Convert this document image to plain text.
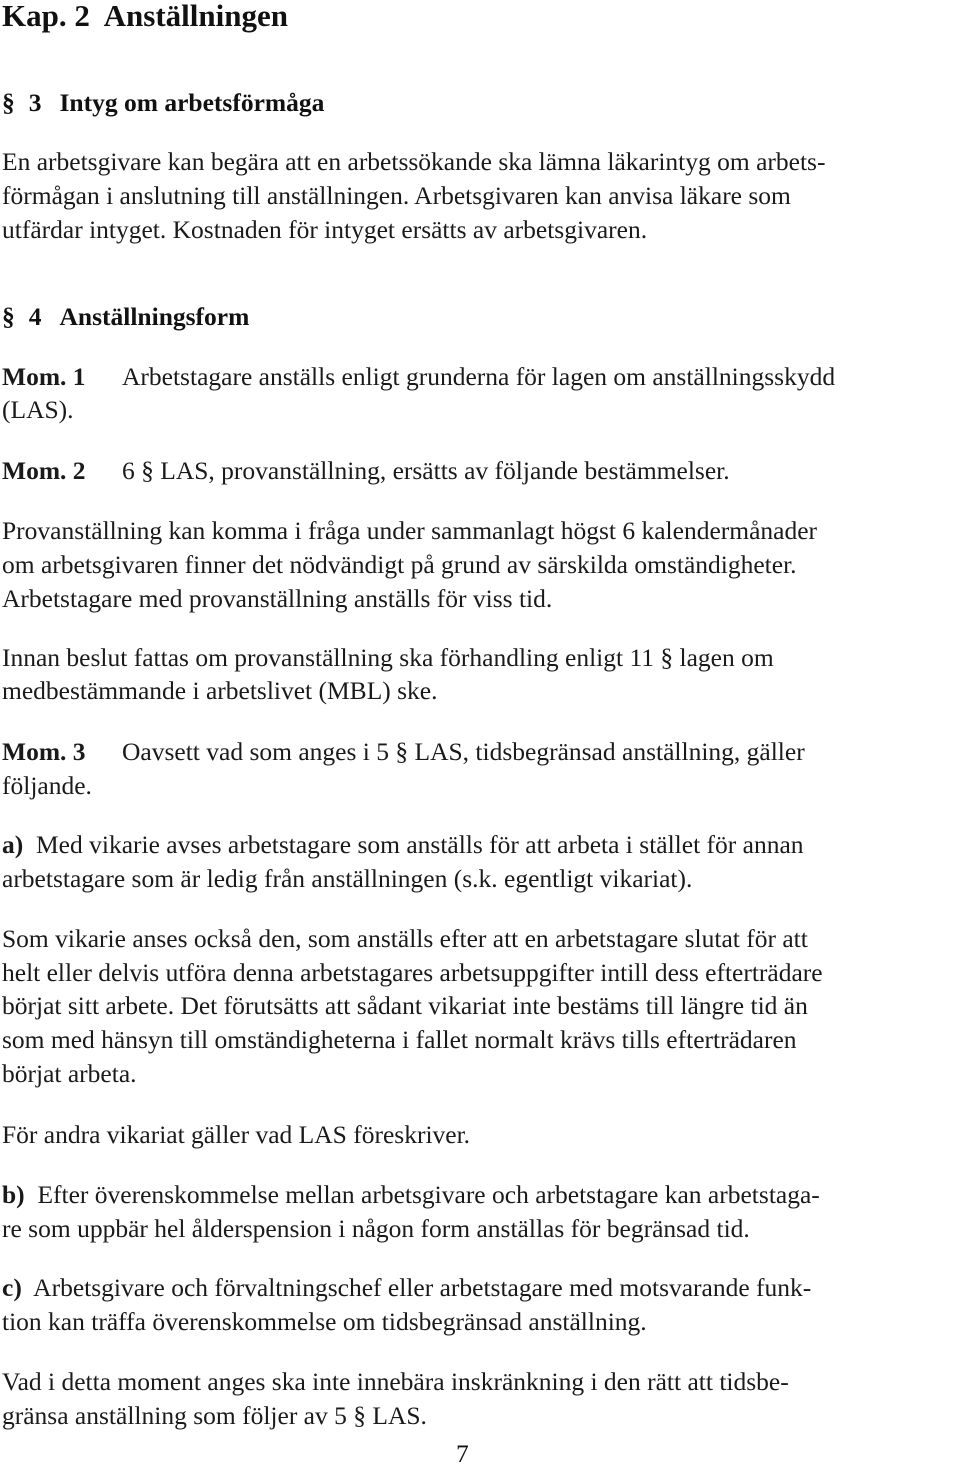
Kap. 2  Anställningen
§ 3 Intyg om arbetsförmåga
En arbetsgivare kan begära att en arbetssökande ska lämna läkarintyg om arbets-
förmågan i anslutning till anställningen. Arbetsgivaren kan anvisa läkare som
utfärdar intyget. Kostnaden för intyget ersätts av arbetsgivaren.
§ 4 Anställningsform
Mom. 1 Arbetstagare anställs enligt grunderna för lagen om anställningsskydd
(LAS).
Mom. 2 6 § LAS, provanställning, ersätts av följande bestämmelser.
Provanställning kan komma i fråga under sammanlagt högst 6 kalendermånader
om arbetsgivaren finner det nödvändigt på grund av särskilda omständigheter.
Arbetstagare med provanställning anställs för viss tid.
Innan beslut fattas om provanställning ska förhandling enligt 11 § lagen om
medbestämmande i arbetslivet (MBL) ske.
Mom. 3 Oavsett vad som anges i 5 § LAS, tidsbegränsad anställning, gäller
följande.
a) Med vikarie avses arbetstagare som anställs för att arbeta i stället för annan
arbetstagare som är ledig från anställningen (s.k. egentligt vikariat).
Som vikarie anses också den, som anställs efter att en arbetstagare slutat för att
helt eller delvis utföra denna arbetstagares arbetsuppgifter intill dess efterträdare
börjat sitt arbete. Det förutsätts att sådant vikariat inte bestäms till längre tid än
som med hänsyn till omständigheterna i fallet normalt krävs tills efterträdaren
börjat arbeta.
För andra vikariat gäller vad LAS föreskriver.
b) Efter överenskommelse mellan arbetsgivare och arbetstagare kan arbetstaga-
re som uppbär hel ålderspension i någon form anställas för begränsad tid.
c) Arbetsgivare och förvaltningschef eller arbetstagare med motsvarande funk-
tion kan träffa överenskommelse om tidsbegränsad anställning.
Vad i detta moment anges ska inte innebära inskränkning i den rätt att tidsbe-
gränsa anställning som följer av 5 § LAS.
7
